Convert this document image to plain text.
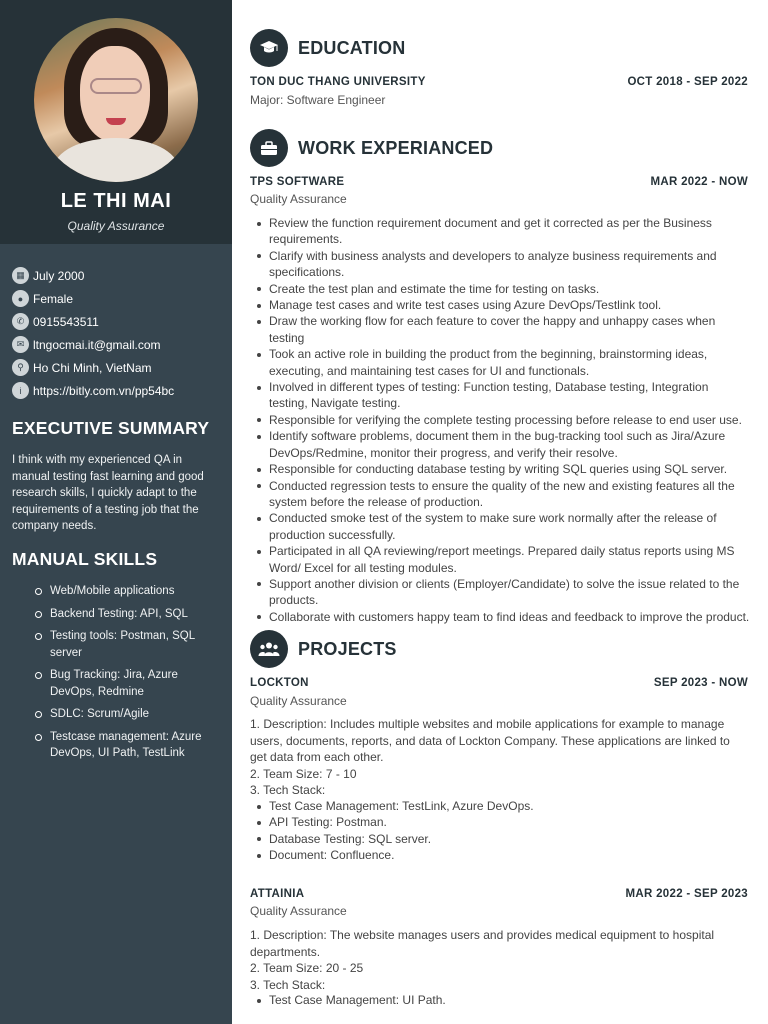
LE THI MAI
Quality Assurance
▦ July 2000
● Female
✆ 0915543511
✉ ltngocmai.it@gmail.com
⚲ Ho Chi Minh, VietNam
i https://bitly.com.vn/pp54bc
EXECUTIVE SUMMARY
I think with my experienced QA in manual testing fast learning and good research skills, I quickly adapt to the requirements of a testing job that the company needs.
MANUAL SKILLS
Web/Mobile applications
Backend Testing: API, SQL
Testing tools: Postman, SQL server
Bug Tracking: Jira, Azure DevOps, Redmine
SDLC: Scrum/Agile
Testcase management: Azure DevOps, UI Path, TestLink
EDUCATION
TON DUC THANG UNIVERSITY	OCT 2018 - SEP 2022
Major: Software Engineer
WORK EXPERIANCED
TPS SOFTWARE	MAR 2022 - NOW
Quality Assurance
Review the function requirement document and get it corrected as per the Business requirements.
Clarify with business analysts and developers to analyze business requirements and specifications.
Create the test plan and estimate the time for testing on tasks.
Manage test cases and write test cases using Azure DevOps/Testlink tool.
Draw the working flow for each feature to cover the happy and unhappy cases when testing
Took an active role in building the product from the beginning, brainstorming ideas, executing, and maintaining test cases for UI and functionals.
Involved in different types of testing: Function testing, Database testing, Integration testing, Navigate testing.
Responsible for verifying the complete testing processing before release to end user use.
Identify software problems, document them in the bug-tracking tool such as Jira/Azure DevOps/Redmine, monitor their progress, and verify their resolve.
Responsible for conducting database testing by writing SQL queries using SQL server.
Conducted regression tests to ensure the quality of the new and existing features all the system before the release of production.
Conducted smoke test of the system to make sure work normally after the release of production successfully.
Participated in all QA reviewing/report meetings. Prepared daily status reports using MS Word/ Excel for all testing modules.
Support another division or clients (Employer/Candidate) to solve the issue related to the products.
Collaborate with customers happy team to find ideas and feedback to improve the product.
PROJECTS
LOCKTON	SEP 2023 - NOW
Quality Assurance
1. Description: Includes multiple websites and mobile applications for example to manage users, documents, reports, and data of Lockton Company. These applications are linked to get data from each other.
2. Team Size: 7 - 10
3. Tech Stack:
Test Case Management: TestLink, Azure DevOps.
API Testing: Postman.
Database Testing: SQL server.
Document: Confluence.
ATTAINIA	MAR 2022 - SEP 2023
Quality Assurance
1. Description: The website manages users and provides medical equipment to hospital departments.
2. Team Size: 20 - 25
3. Tech Stack:
Test Case Management: UI Path.
